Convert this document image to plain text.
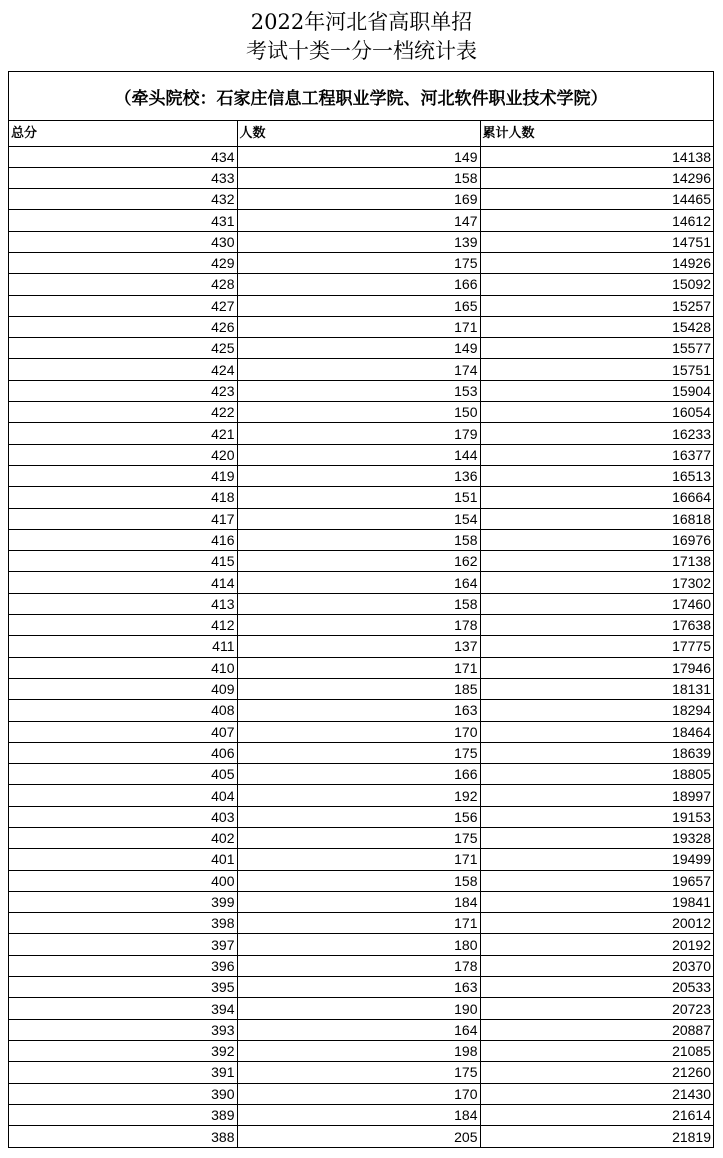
2022年河北省高职单招
考试十类一分一档统计表
（牵头院校：石家庄信息工程职业学院、河北软件职业技术学院）
总分	人数	累计人数
434	149	14138
433	158	14296
432	169	14465
431	147	14612
430	139	14751
429	175	14926
428	166	15092
427	165	15257
426	171	15428
425	149	15577
424	174	15751
423	153	15904
422	150	16054
421	179	16233
420	144	16377
419	136	16513
418	151	16664
417	154	16818
416	158	16976
415	162	17138
414	164	17302
413	158	17460
412	178	17638
411	137	17775
410	171	17946
409	185	18131
408	163	18294
407	170	18464
406	175	18639
405	166	18805
404	192	18997
403	156	19153
402	175	19328
401	171	19499
400	158	19657
399	184	19841
398	171	20012
397	180	20192
396	178	20370
395	163	20533
394	190	20723
393	164	20887
392	198	21085
391	175	21260
390	170	21430
389	184	21614
388	205	21819
